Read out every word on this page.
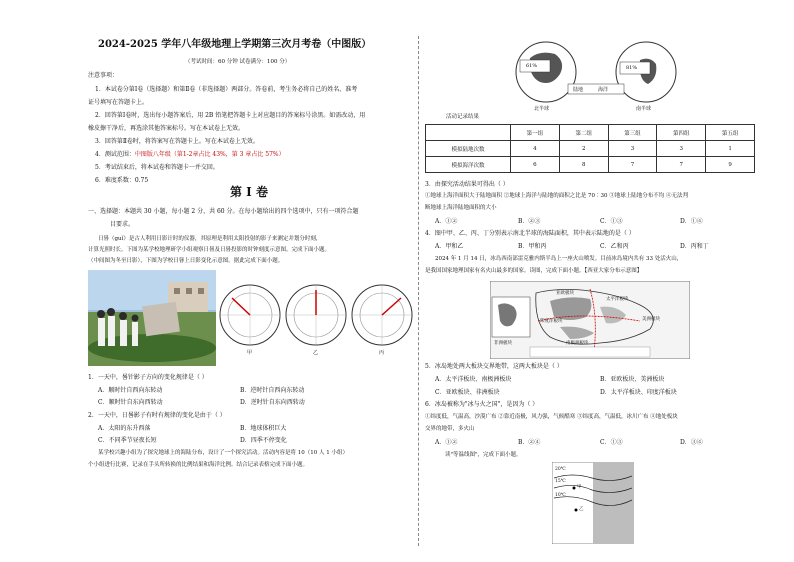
2024-2025 学年八年级地理上学期第三次月考卷（中图版）
（考试时间：60 分钟 试卷满分：100 分）
注意事项：
1．本试卷分第Ⅰ卷（选择题）和第Ⅱ卷（非选择题）两部分。答卷前，考生务必将自己的姓名、准考
证号填写在答题卡上。
2．回答第Ⅰ卷时，选出每小题答案后，用 2B 铅笔把答题卡上对应题目的答案标号涂黑。如需改动，用
橡皮擦干净后，再选涂其他答案标号。写在本试卷上无效。
3．回答第Ⅱ卷时，将答案写在答题卡上。写在本试卷上无效。
4．测试范围：中图版八年级（第1-2章占比 43%，第 3 章占比 57%）
5．考试结束后，将本试卷和答题卡一并交回。
6．难度系数：0.75
第 Ⅰ 卷
一、选择题：本题共 30 小题，每小题 2 分，共 60 分。在每小题给出的四个选项中，只有一项符合题
目要求。
日晷（guǐ）是古人利用日影计时的仪器，其原理是利用太阳投射的影子来测定并划分时刻，
计算光照时长。下图为某学校地理研学小组观察日晷及日晷投影的时钟刻度示意图。完成下面小题。
（中间图为冬至日影），下图为学校日晷上日影变化示意图。据此完成下面小题。
甲	乙	丙
1．一天中，晷针影子方向的变化规律是（ ）
A．顺时针自西向东转动	B．逆时针自西向东转动
C．顺时针自东向西转动	D．逆时针自东向西转动
2．一天中，日晷影子有时有规律的变化是由于（ ）
A．太阳的东升西落	B．地球体积巨大
C．不同季节昼夜长短	D．四季不停变化
某学校兴趣小组为了探究地球上的海陆分布，设计了一个探究活动。活动内容是将 10（10 人 1 小组）
个小组进行比赛，记录在手头所转换的比例结果和海洋比例。结合记录表格完成下面小题。
61%	81%
陆地	海洋
北半球	南半球
活动记录结果
	第一组	第二组	第三组	第四组	第五组
模拟陆地次数	4	2	3	3	1
模拟海洋次数	6	8	7	7	9
3．由探究活动结果可得出（ ）
①地球上海洋面积大于陆地面积 ②地球上海洋与陆地的面积之比是 70∶30 ③地球上陆地分布不均 ④无法判
断地球上海洋陆地面积的大小
A．①②	B．②③	C．①③	D．①④
4．图中甲、乙、丙、丁分别表示南北半球的海陆面积，其中表示陆地的是（ ）
A．甲和乙	B．甲和丙	C．乙和丙	D．丙和丁
2024 年 1 月 14 日，冰岛西南部雷克雅内斯半岛上一座火山喷发。目前冰岛境内共有 33 处活火山，
是我国国家地理国家有名火山最多的国家。读图，完成下面小题。【西亚大家分布示意图】
亚欧板块
太平洋板块
印度洋板块
南极洲板块
美洲板块
非洲板块
5．冰岛地处两大板块交界地带，这两大板块是（ ）
A．太平洋板块、南极洲板块	B．亚欧板块、美洲板块
C．亚欧板块、非洲板块	D．太平洋板块、印度洋板块
6．冰岛被称为"冰与火之国"，是因为（ ）
①纬度低，气温高，沙漠广布 ②靠近南极，风力强，气候酷寒 ③纬度高，气温低，冰川广布 ④地处板块
交界的地带，多火山
A．①②	B．②④	C．①③	D．③④
读"等温线图"，完成下面小题。
20℃
15℃
10℃
甲
乙
